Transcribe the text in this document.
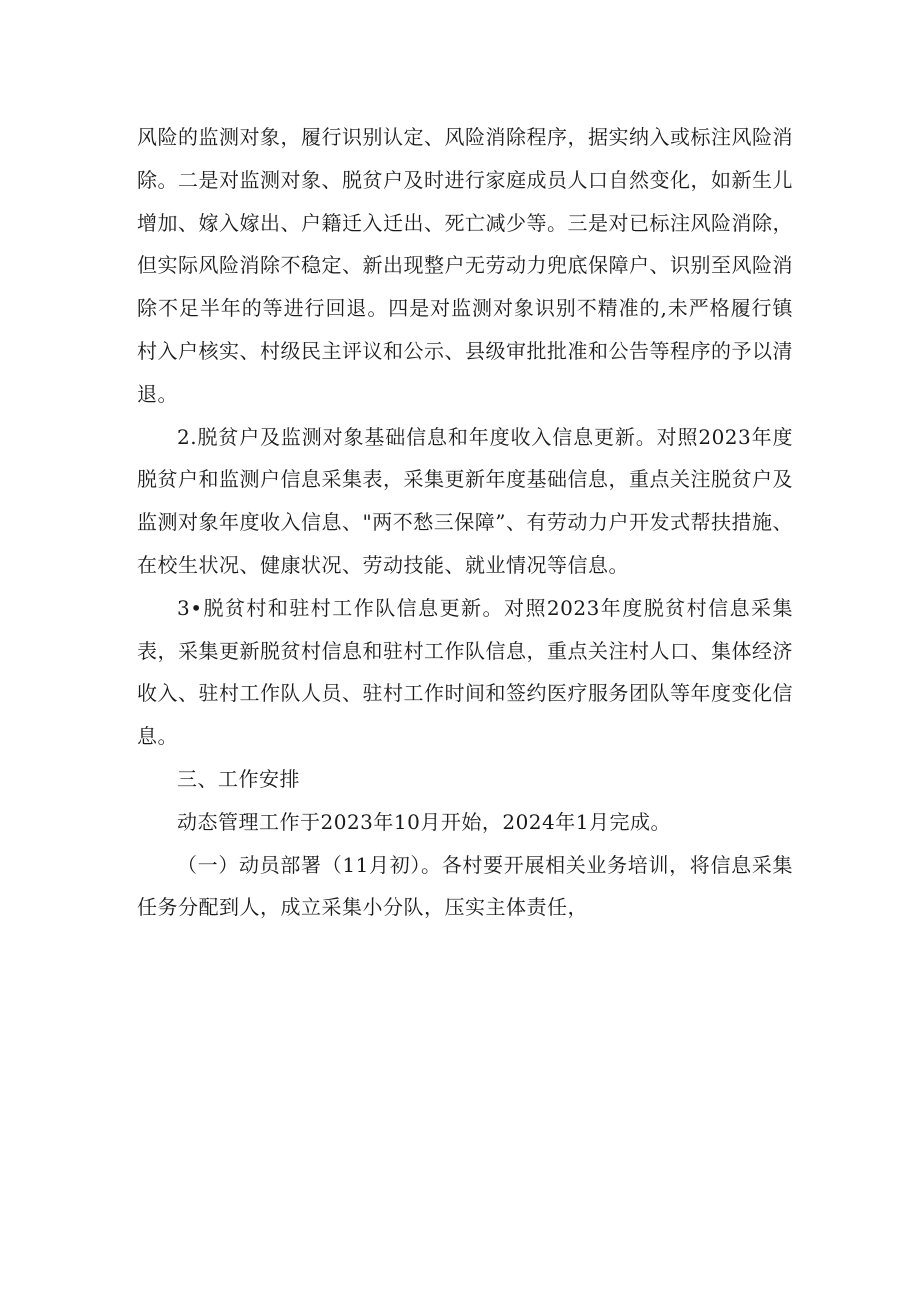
风险的监测对象，履行识别认定、风险消除程序，据实纳入或标注风险消除。二是对监测对象、脱贫户及时进行家庭成员人口自然变化，如新生儿增加、嫁入嫁出、户籍迁入迁出、死亡减少等。三是对已标注风险消除，但实际风险消除不稳定、新出现整户无劳动力兜底保障户、识别至风险消除不足半年的等进行回退。四是对监测对象识别不精准的,未严格履行镇村入户核实、村级民主评议和公示、县级审批批准和公告等程序的予以清退。

2.脱贫户及监测对象基础信息和年度收入信息更新。对照2023年度脱贫户和监测户信息采集表，采集更新年度基础信息，重点关注脱贫户及监测对象年度收入信息、"两不愁三保障”、有劳动力户开发式帮扶措施、在校生状况、健康状况、劳动技能、就业情况等信息。

3•脱贫村和驻村工作队信息更新。对照2023年度脱贫村信息采集表，采集更新脱贫村信息和驻村工作队信息，重点关注村人口、集体经济收入、驻村工作队人员、驻村工作时间和签约医疗服务团队等年度变化信息。

三、工作安排

动态管理工作于2023年10月开始，2024年1月完成。

（一）动员部署（11月初）。各村要开展相关业务培训，将信息采集任务分配到人，成立采集小分队，压实主体责任，
